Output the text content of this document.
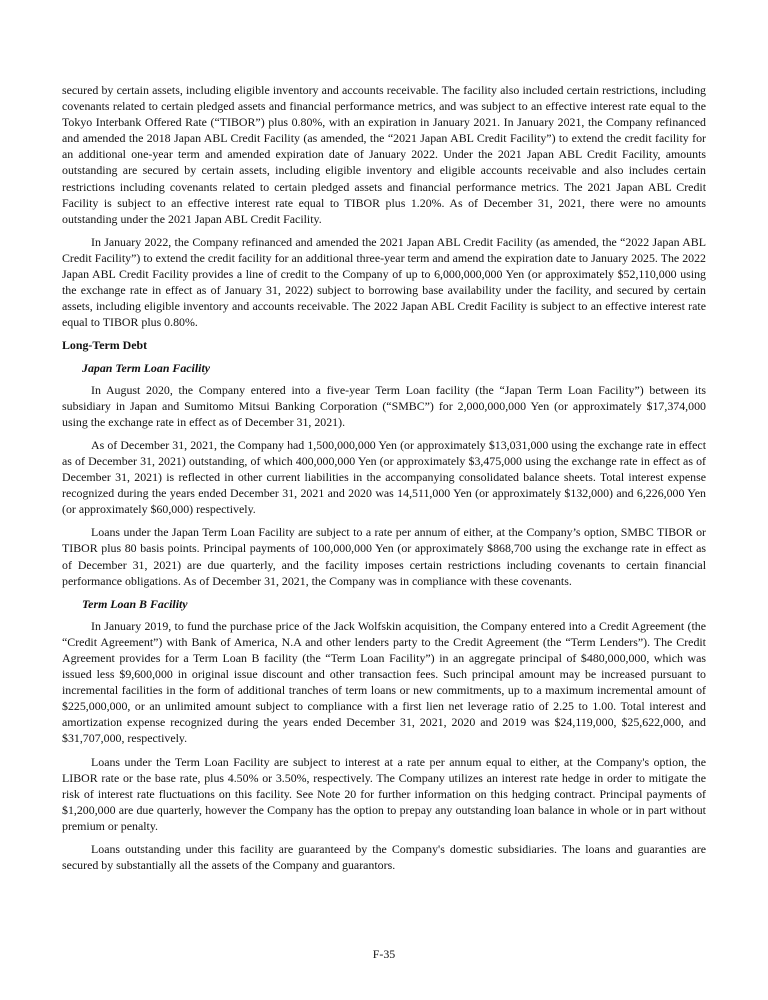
secured by certain assets, including eligible inventory and accounts receivable. The facility also included certain restrictions, including covenants related to certain pledged assets and financial performance metrics, and was subject to an effective interest rate equal to the Tokyo Interbank Offered Rate (“TIBOR”) plus 0.80%, with an expiration in January 2021. In January 2021, the Company refinanced and amended the 2018 Japan ABL Credit Facility (as amended, the “2021 Japan ABL Credit Facility”) to extend the credit facility for an additional one-year term and amended expiration date of January 2022. Under the 2021 Japan ABL Credit Facility, amounts outstanding are secured by certain assets, including eligible inventory and eligible accounts receivable and also includes certain restrictions including covenants related to certain pledged assets and financial performance metrics. The 2021 Japan ABL Credit Facility is subject to an effective interest rate equal to TIBOR plus 1.20%. As of December 31, 2021, there were no amounts outstanding under the 2021 Japan ABL Credit Facility.

In January 2022, the Company refinanced and amended the 2021 Japan ABL Credit Facility (as amended, the “2022 Japan ABL Credit Facility”) to extend the credit facility for an additional three-year term and amend the expiration date to January 2025. The 2022 Japan ABL Credit Facility provides a line of credit to the Company of up to 6,000,000,000 Yen (or approximately $52,110,000 using the exchange rate in effect as of January 31, 2022) subject to borrowing base availability under the facility, and secured by certain assets, including eligible inventory and accounts receivable. The 2022 Japan ABL Credit Facility is subject to an effective interest rate equal to TIBOR plus 0.80%.

Long-Term Debt
Japan Term Loan Facility

In August 2020, the Company entered into a five-year Term Loan facility (the “Japan Term Loan Facility”) between its subsidiary in Japan and Sumitomo Mitsui Banking Corporation (“SMBC”) for 2,000,000,000 Yen (or approximately $17,374,000 using the exchange rate in effect as of December 31, 2021).

As of December 31, 2021, the Company had 1,500,000,000 Yen (or approximately $13,031,000 using the exchange rate in effect as of December 31, 2021) outstanding, of which 400,000,000 Yen (or approximately $3,475,000 using the exchange rate in effect as of December 31, 2021) is reflected in other current liabilities in the accompanying consolidated balance sheets. Total interest expense recognized during the years ended December 31, 2021 and 2020 was 14,511,000 Yen (or approximately $132,000) and 6,226,000 Yen (or approximately $60,000) respectively.

Loans under the Japan Term Loan Facility are subject to a rate per annum of either, at the Company’s option, SMBC TIBOR or TIBOR plus 80 basis points. Principal payments of 100,000,000 Yen (or approximately $868,700 using the exchange rate in effect as of December 31, 2021) are due quarterly, and the facility imposes certain restrictions including covenants to certain financial performance obligations. As of December 31, 2021, the Company was in compliance with these covenants.

Term Loan B Facility

In January 2019, to fund the purchase price of the Jack Wolfskin acquisition, the Company entered into a Credit Agreement (the “Credit Agreement”) with Bank of America, N.A and other lenders party to the Credit Agreement (the “Term Lenders”). The Credit Agreement provides for a Term Loan B facility (the “Term Loan Facility”) in an aggregate principal of $480,000,000, which was issued less $9,600,000 in original issue discount and other transaction fees. Such principal amount may be increased pursuant to incremental facilities in the form of additional tranches of term loans or new commitments, up to a maximum incremental amount of $225,000,000, or an unlimited amount subject to compliance with a first lien net leverage ratio of 2.25 to 1.00. Total interest and amortization expense recognized during the years ended December 31, 2021, 2020 and 2019 was $24,119,000, $25,622,000, and $31,707,000, respectively.

Loans under the Term Loan Facility are subject to interest at a rate per annum equal to either, at the Company's option, the LIBOR rate or the base rate, plus 4.50% or 3.50%, respectively. The Company utilizes an interest rate hedge in order to mitigate the risk of interest rate fluctuations on this facility. See Note 20 for further information on this hedging contract. Principal payments of $1,200,000 are due quarterly, however the Company has the option to prepay any outstanding loan balance in whole or in part without premium or penalty.

Loans outstanding under this facility are guaranteed by the Company's domestic subsidiaries. The loans and guaranties are secured by substantially all the assets of the Company and guarantors.

F-35
